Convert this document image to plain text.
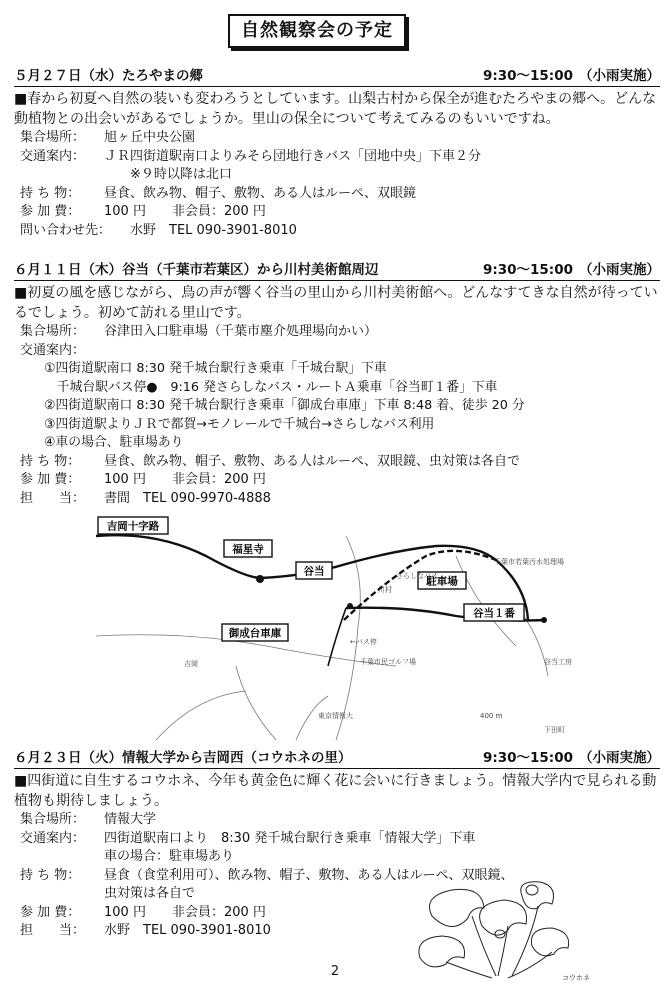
自然観察会の予定
５月２７日（水）たろやまの郷	9:30〜15:00 （小雨実施）

■春から初夏へ自然の装いも変わろうとしています。山梨古村から保全が進むたろやまの郷へ。どんな動植物との出会いがあるでしょうか。里山の保全について考えてみるのもいいですね。

集合場所：	旭ヶ丘中央公園
交通案内：	ＪＲ四街道駅南口よりみそら団地行きバス「団地中央」下車２分
　　※９時以降は北口
持 ち 物：	昼食、飲み物、帽子、敷物、ある人はルーペ、双眼鏡
参 加 費：	100 円　　非会員：200 円
問い合わせ先：	水野　TEL 090-3901-8010
６月１１日（木）谷当（千葉市若葉区）から川村美術館周辺	9:30〜15:00 （小雨実施）

■初夏の風を感じながら、鳥の声が響く谷当の里山から川村美術館へ。どんなすてきな自然が待っているでしょう。初めて訪れる里山です。

集合場所：	谷津田入口駐車場（千葉市塵介処理場向かい）
交通案内：
①四街道駅南口 8:30 発千城台駅行き乗車「千城台駅」下車
　千城台駅バス停●　9:16 発さらしなバス・ルートＡ乗車「谷当町１番」下車
②四街道駅南口 8:30 発千城台駅行き乗車「御成台車庫」下車 8:48 着、徒歩 20 分
③四街道駅よりＪＲで都賀→モノレールで千城台→さらしなバス利用
④車の場合、駐車場あり
持 ち 物：	昼食、飲み物、帽子、敷物、ある人はルーペ、双眼鏡、虫対策は各自で
参 加 費：	100 円　　非会員：200 円
担　　当：	書間　TEL 090-9970-4888
吉岡十字路
福星寺
谷当
駐車場
谷当１番
御成台車庫
吉岡	千葉市民ゴルフ場
←バス停
東京情報大
下田町
千葉市若葉汚水処理場
川村
400 m
さらしなバス
谷当工房
６月２３日（火）情報大学から吉岡西（コウホネの里）	9:30〜15:00 （小雨実施）

■四街道に自生するコウホネ、今年も黄金色に輝く花に会いに行きましょう。情報大学内で見られる動植物も期待しましょう。

集合場所：	情報大学
交通案内：	四街道駅南口より　8:30 発千城台駅行き乗車「情報大学」下車
車の場合：駐車場あり
持 ち 物：	昼食（食堂利用可）、飲み物、帽子、敷物、ある人はルーペ、双眼鏡、
虫対策は各自で
参 加 費：	100 円　　非会員：200 円
担　　当：	水野　TEL 090-3901-8010
コウホネ
2
